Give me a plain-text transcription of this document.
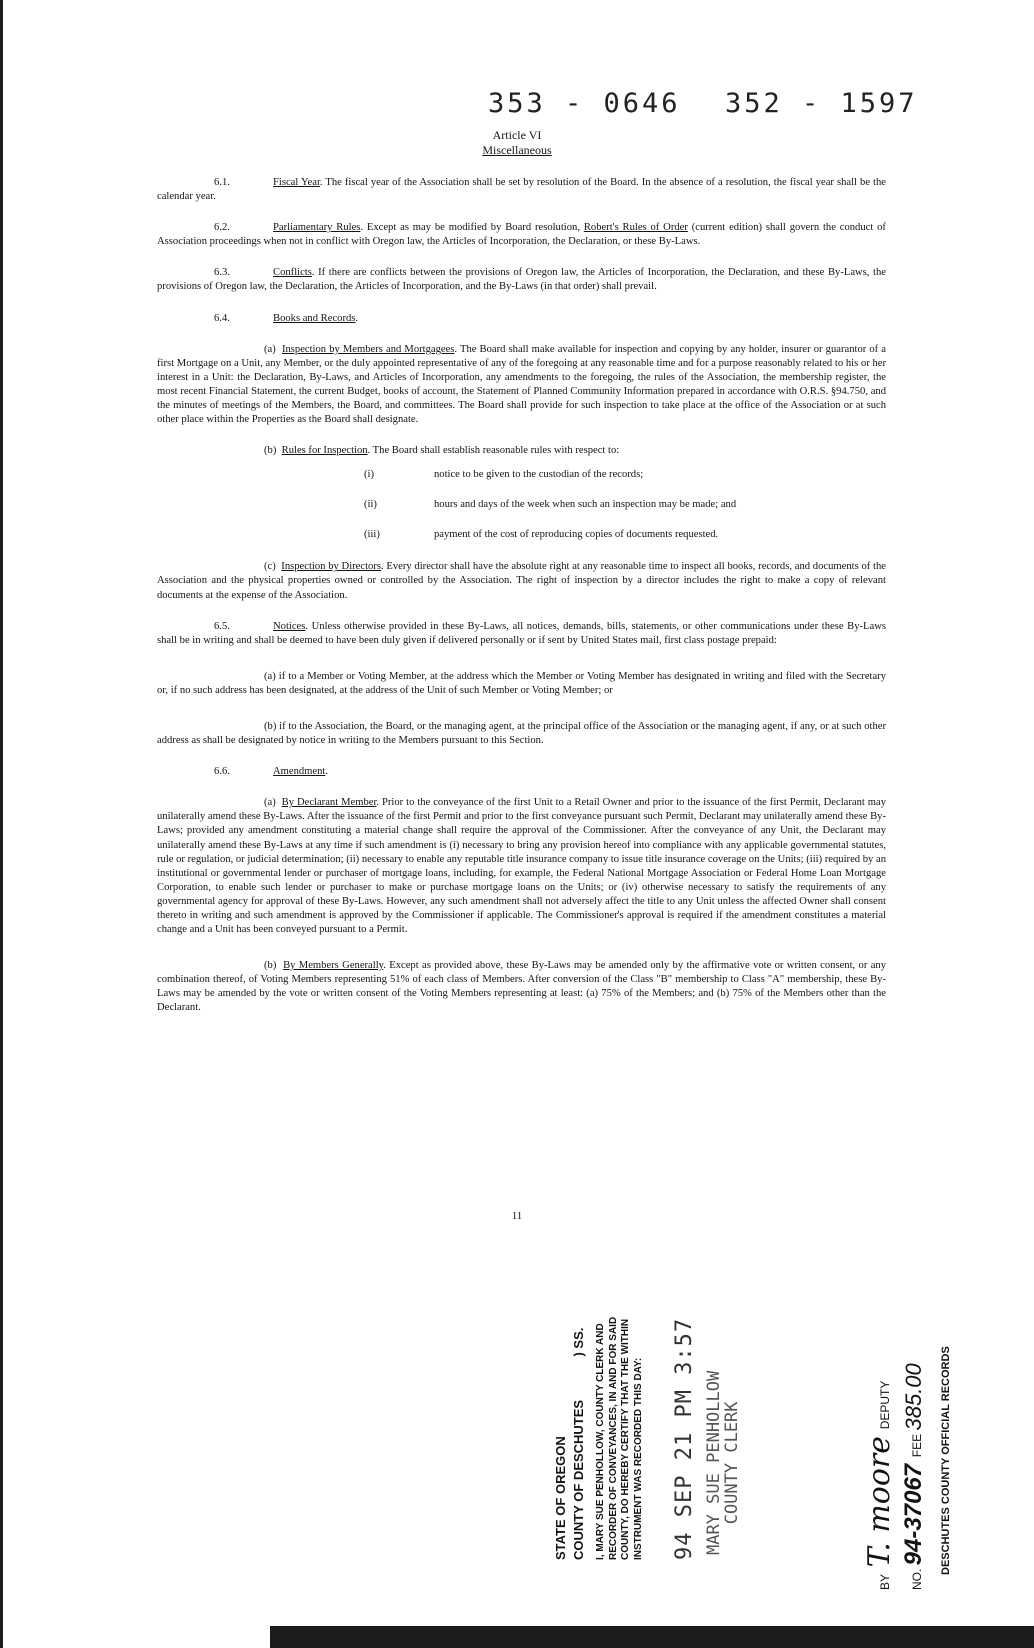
353 - 0646 352 - 1597
Article VI
Miscellaneous

6.1.	Fiscal Year. The fiscal year of the Association shall be set by resolution of the Board. In the absence of a resolution, the fiscal year shall be the calendar year.

6.2.	Parliamentary Rules. Except as may be modified by Board resolution, Robert's Rules of Order (current edition) shall govern the conduct of Association proceedings when not in conflict with Oregon law, the Articles of Incorporation, the Declaration, or these By-Laws.

6.3.	Conflicts. If there are conflicts between the provisions of Oregon law, the Articles of Incorporation, the Declaration, and these By-Laws, the provisions of Oregon law, the Declaration, the Articles of Incorporation, and the By-Laws (in that order) shall prevail.

6.4.	Books and Records.

(a) Inspection by Members and Mortgagees. The Board shall make available for inspection and copying by any holder, insurer or guarantor of a first Mortgage on a Unit, any Member, or the duly appointed representative of any of the foregoing at any reasonable time and for a purpose reasonably related to his or her interest in a Unit: the Declaration, By-Laws, and Articles of Incorporation, any amendments to the foregoing, the rules of the Association, the membership register, the most recent Financial Statement, the current Budget, books of account, the Statement of Planned Community Information prepared in accordance with O.R.S. §94.750, and the minutes of meetings of the Members, the Board, and committees. The Board shall provide for such inspection to take place at the office of the Association or at such other place within the Properties as the Board shall designate.

(b) Rules for Inspection. The Board shall establish reasonable rules with respect to:

(i)	notice to be given to the custodian of the records;
(ii)	hours and days of the week when such an inspection may be made; and
(iii)	payment of the cost of reproducing copies of documents requested.

(c) Inspection by Directors. Every director shall have the absolute right at any reasonable time to inspect all books, records, and documents of the Association and the physical properties owned or controlled by the Association. The right of inspection by a director includes the right to make a copy of relevant documents at the expense of the Association.

6.5.	Notices. Unless otherwise provided in these By-Laws, all notices, demands, bills, statements, or other communications under these By-Laws shall be in writing and shall be deemed to have been duly given if delivered personally or if sent by United States mail, first class postage prepaid:

(a) if to a Member or Voting Member, at the address which the Member or Voting Member has designated in writing and filed with the Secretary or, if no such address has been designated, at the address of the Unit of such Member or Voting Member; or

(b) if to the Association, the Board, or the managing agent, at the principal office of the Association or the managing agent, if any, or at such other address as shall be designated by notice in writing to the Members pursuant to this Section.

6.6.	Amendment.

(a) By Declarant Member. Prior to the conveyance of the first Unit to a Retail Owner and prior to the issuance of the first Permit, Declarant may unilaterally amend these By-Laws. After the issuance of the first Permit and prior to the first conveyance pursuant such Permit, Declarant may unilaterally amend these By-Laws; provided any amendment constituting a material change shall require the approval of the Commissioner. After the conveyance of any Unit, the Declarant may unilaterally amend these By-Laws at any time if such amendment is (i) necessary to bring any provision hereof into compliance with any applicable governmental statutes, rule or regulation, or judicial determination; (ii) necessary to enable any reputable title insurance company to issue title insurance coverage on the Units; (iii) required by an institutional or governmental lender or purchaser of mortgage loans, including, for example, the Federal National Mortgage Association or Federal Home Loan Mortgage Corporation, to enable such lender or purchaser to make or purchase mortgage loans on the Units; or (iv) otherwise necessary to satisfy the requirements of any governmental agency for approval of these By-Laws. However, any such amendment shall not adversely affect the title to any Unit unless the affected Owner shall consent thereto in writing and such amendment is approved by the Commissioner if applicable. The Commissioner's approval is required if the amendment constitutes a material change and a Unit has been conveyed pursuant to a Permit.

(b) By Members Generally. Except as provided above, these By-Laws may be amended only by the affirmative vote or written consent, or any combination thereof, of Voting Members representing 51% of each class of Members. After conversion of the Class "B" membership to Class "A" membership, these By-Laws may be amended by the vote or written consent of the Voting Members representing at least: (a) 75% of the Members; and (b) 75% of the Members other than the Declarant.

11
STATE OF OREGON COUNTY OF DESCHUTES            ) SS. I, MARY SUE PENHOLLOW, COUNTY CLERK AND RECORDER OF CONVEYANCES, IN AND FOR SAID COUNTY, DO HEREBY CERTIFY THAT THE WITHIN INSTRUMENT WAS RECORDED THIS DAY: 94 SEP 21 PM 3:57 MARY SUE PENHOLLOW
COUNTY CLERK
BY  T. moore  DEPUTY
NO. 94-37067  FEE 385.00	DESCHUTES COUNTY OFFICIAL RECORDS
